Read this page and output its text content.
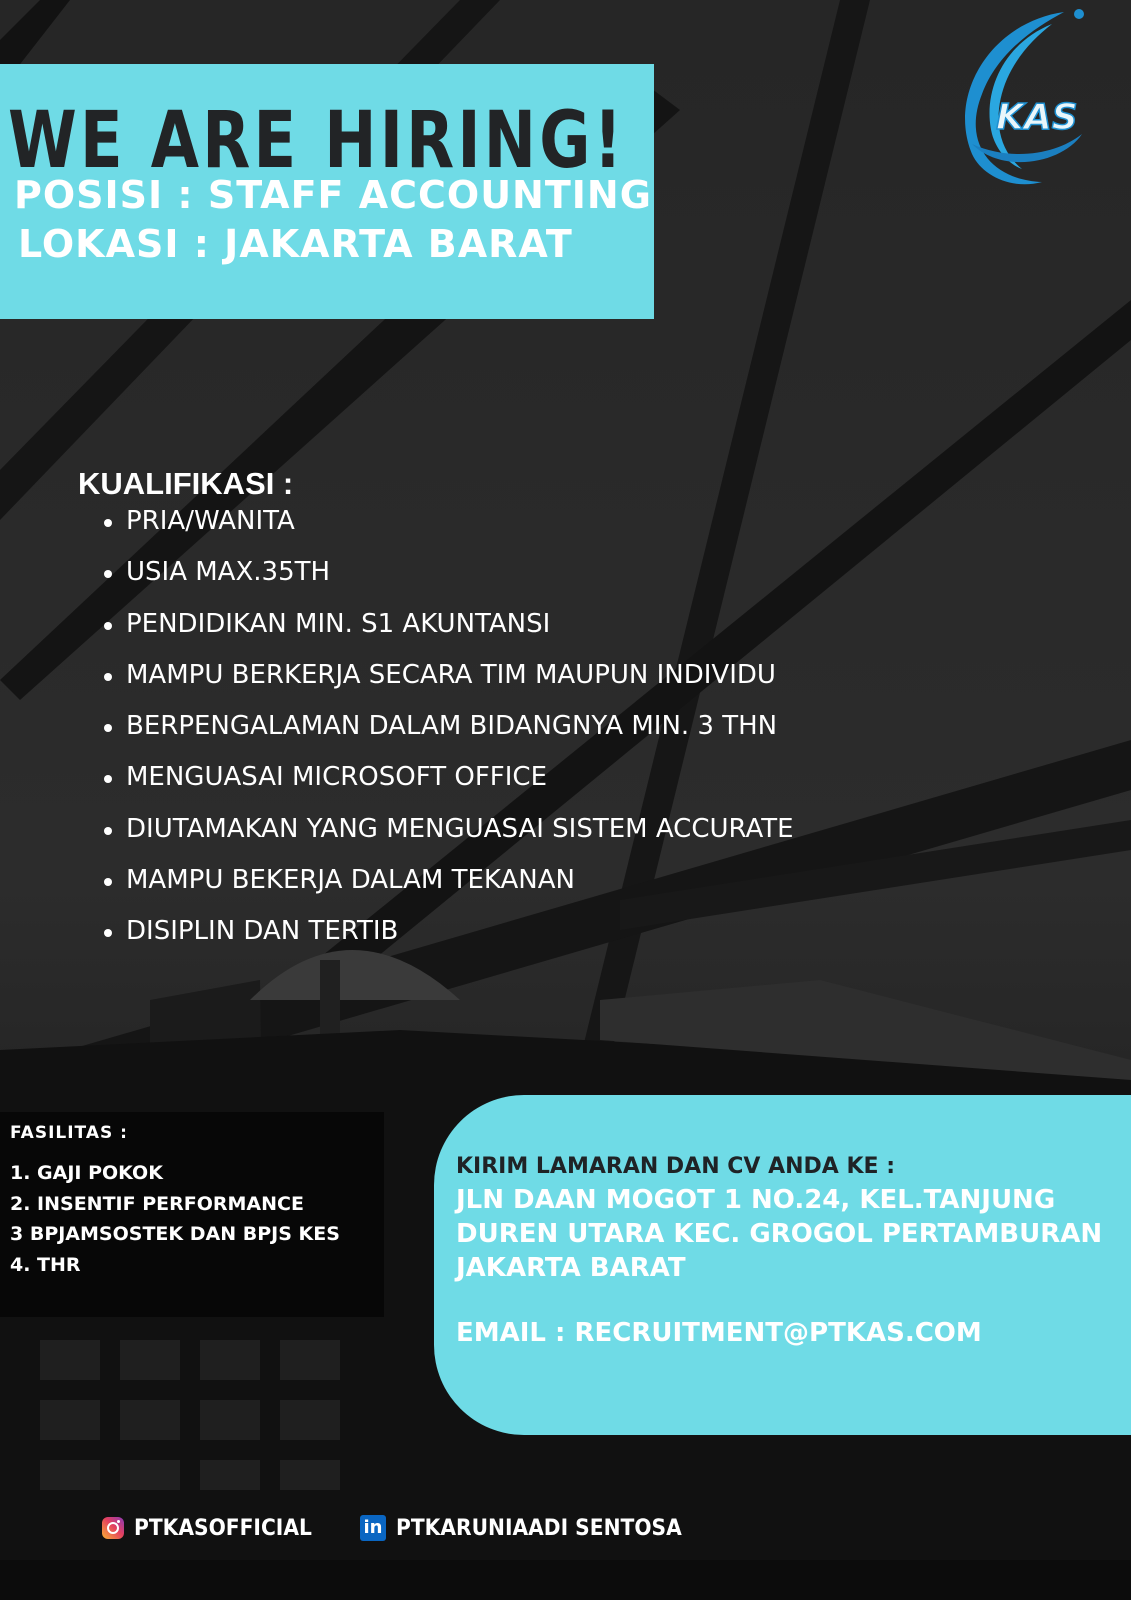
WE ARE HIRING!

POSISI : STAFF ACCOUNTING

LOKASI : JAKARTA BARAT

KAS
KUALIFIKASI :
PRIA/WANITA
USIA MAX.35TH
PENDIDIKAN MIN. S1 AKUNTANSI
MAMPU BERKERJA SECARA TIM MAUPUN INDIVIDU
BERPENGALAMAN DALAM BIDANGNYA MIN. 3 THN
MENGUASAI MICROSOFT OFFICE
DIUTAMAKAN YANG MENGUASAI SISTEM ACCURATE
MAMPU BEKERJA DALAM TEKANAN
DISIPLIN DAN TERTIB
FASILITAS :
1. GAJI POKOK
2. INSENTIF PERFORMANCE
3 BPJAMSOSTEK DAN BPJS KES
4. THR

KIRIM LAMARAN DAN CV ANDA KE :

JLN DAAN MOGOT 1 NO.24, KEL.TANJUNG

DUREN UTARA KEC. GROGOL PERTAMBURAN

JAKARTA BARAT

EMAIL : RECRUITMENT@PTKAS.COM

PTKASOFFICIAL	in PTKARUNIAADI SENTOSA
